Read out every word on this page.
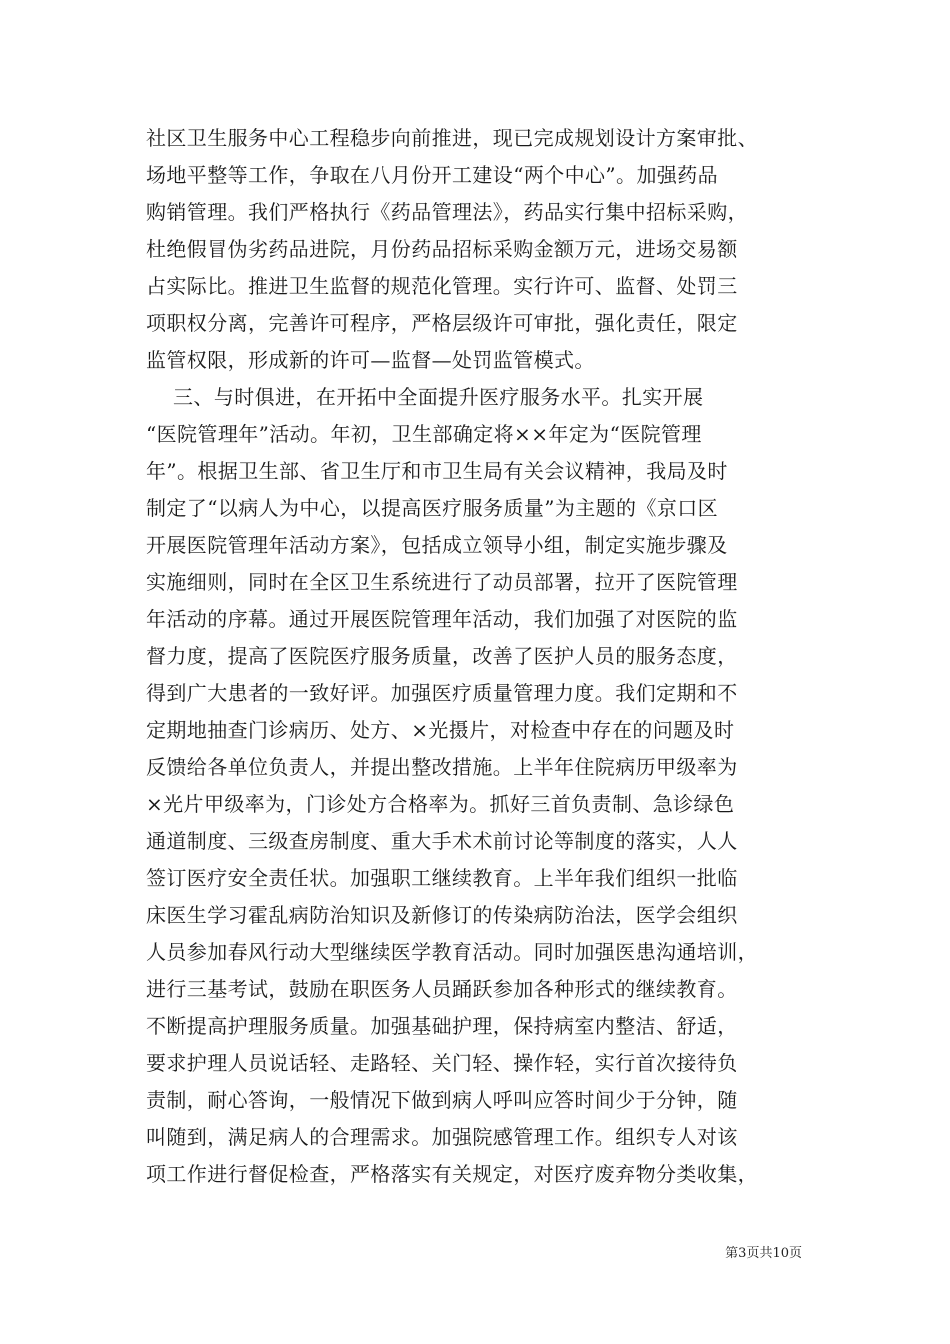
社区卫生服务中心工程稳步向前推进，现已完成规划设计方案审批、
场地平整等工作，争取在八月份开工建设“两个中心”。加强药品
购销管理。我们严格执行《药品管理法》，药品实行集中招标采购，
杜绝假冒伪劣药品进院，月份药品招标采购金额万元，进场交易额
占实际比。推进卫生监督的规范化管理。实行许可、监督、处罚三
项职权分离，完善许可程序，严格层级许可审批，强化责任，限定
监管权限，形成新的许可—监督—处罚监管模式。
三、与时俱进，在开拓中全面提升医疗服务水平。扎实开展
“医院管理年”活动。年初，卫生部确定将××年定为“医院管理
年”。根据卫生部、省卫生厅和市卫生局有关会议精神，我局及时
制定了“以病人为中心，以提高医疗服务质量”为主题的《京口区
开展医院管理年活动方案》，包括成立领导小组，制定实施步骤及
实施细则，同时在全区卫生系统进行了动员部署，拉开了医院管理
年活动的序幕。通过开展医院管理年活动，我们加强了对医院的监
督力度，提高了医院医疗服务质量，改善了医护人员的服务态度，
得到广大患者的一致好评。加强医疗质量管理力度。我们定期和不
定期地抽查门诊病历、处方、×光摄片，对检查中存在的问题及时
反馈给各单位负责人，并提出整改措施。上半年住院病历甲级率为
×光片甲级率为，门诊处方合格率为。抓好三首负责制、急诊绿色
通道制度、三级查房制度、重大手术术前讨论等制度的落实，人人
签订医疗安全责任状。加强职工继续教育。上半年我们组织一批临
床医生学习霍乱病防治知识及新修订的传染病防治法，医学会组织
人员参加春风行动大型继续医学教育活动。同时加强医患沟通培训，
进行三基考试，鼓励在职医务人员踊跃参加各种形式的继续教育。
不断提高护理服务质量。加强基础护理，保持病室内整洁、舒适，
要求护理人员说话轻、走路轻、关门轻、操作轻，实行首次接待负
责制，耐心答询，一般情况下做到病人呼叫应答时间少于分钟，随
叫随到，满足病人的合理需求。加强院感管理工作。组织专人对该
项工作进行督促检查，严格落实有关规定，对医疗废弃物分类收集，
第3页共10页
